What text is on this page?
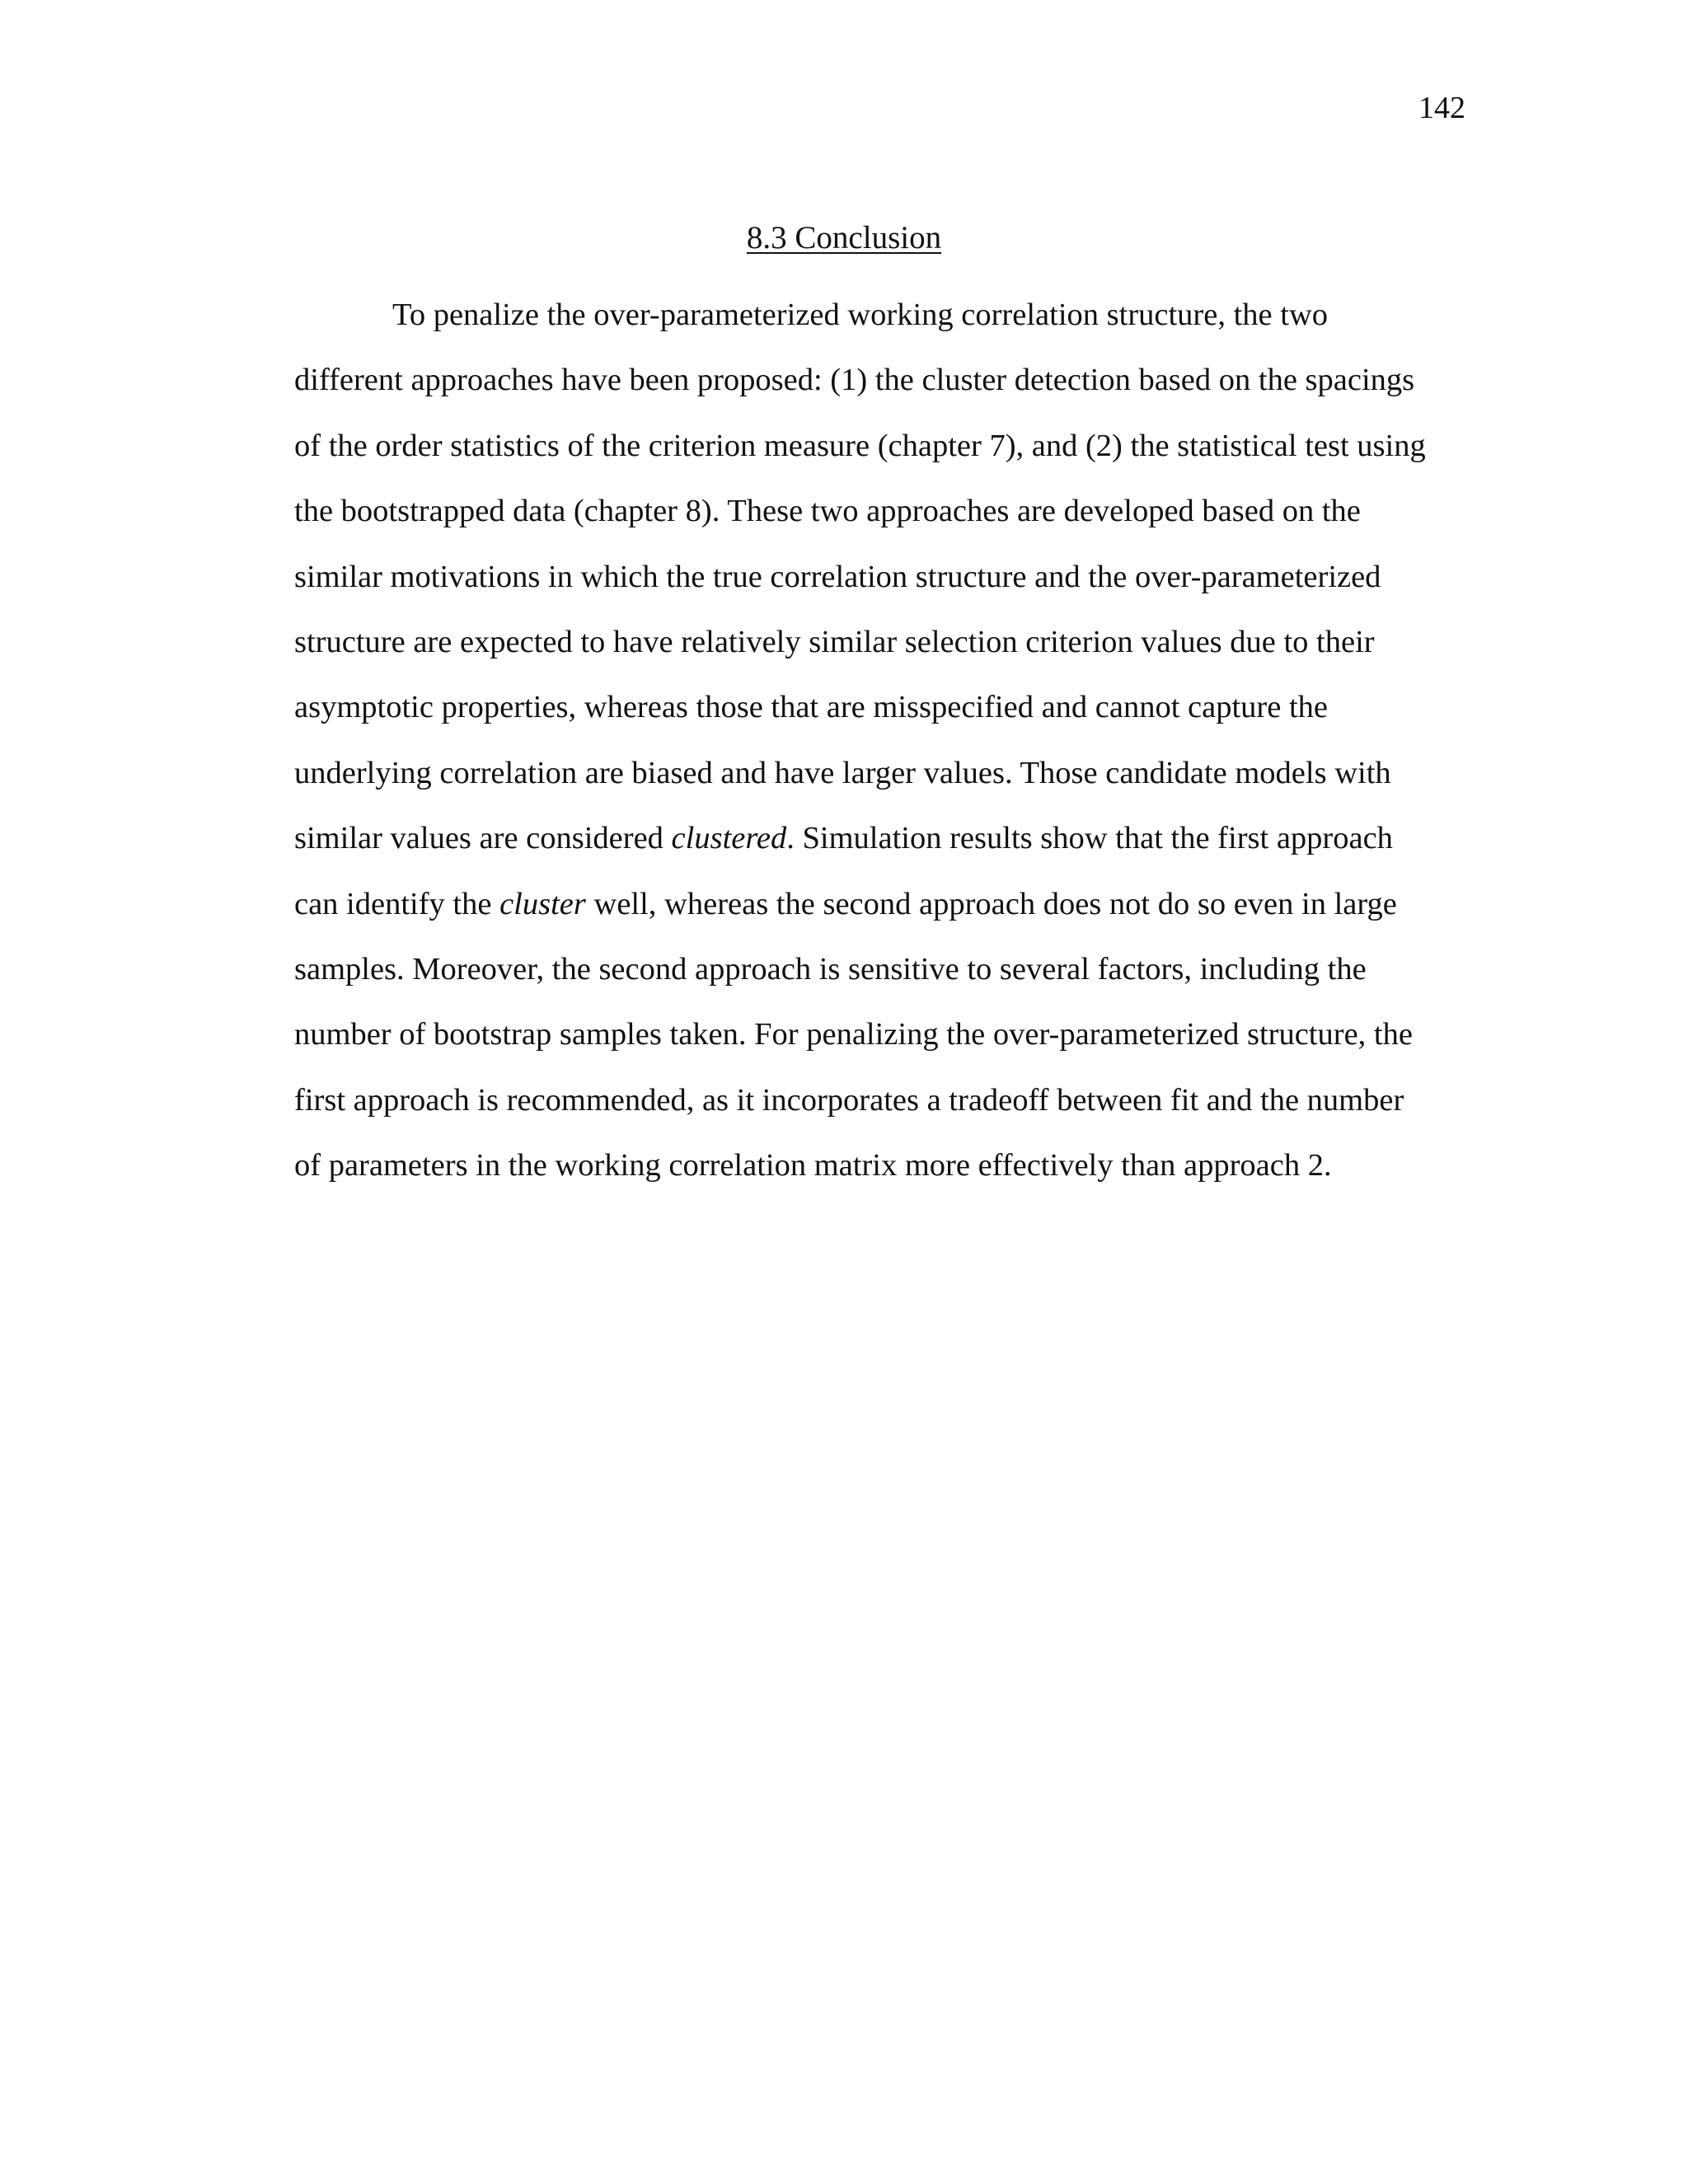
142
8.3 Conclusion
To penalize the over-parameterized working correlation structure, the two
different approaches have been proposed: (1) the cluster detection based on the spacings
of the order statistics of the criterion measure (chapter 7), and (2) the statistical test using
the bootstrapped data (chapter 8). These two approaches are developed based on the
similar motivations in which the true correlation structure and the over-parameterized
structure are expected to have relatively similar selection criterion values due to their
asymptotic properties, whereas those that are misspecified and cannot capture the
underlying correlation are biased and have larger values. Those candidate models with
similar values are considered clustered. Simulation results show that the first approach
can identify the cluster well, whereas the second approach does not do so even in large
samples. Moreover, the second approach is sensitive to several factors, including the
number of bootstrap samples taken. For penalizing the over-parameterized structure, the
first approach is recommended, as it incorporates a tradeoff between fit and the number
of parameters in the working correlation matrix more effectively than approach 2.
